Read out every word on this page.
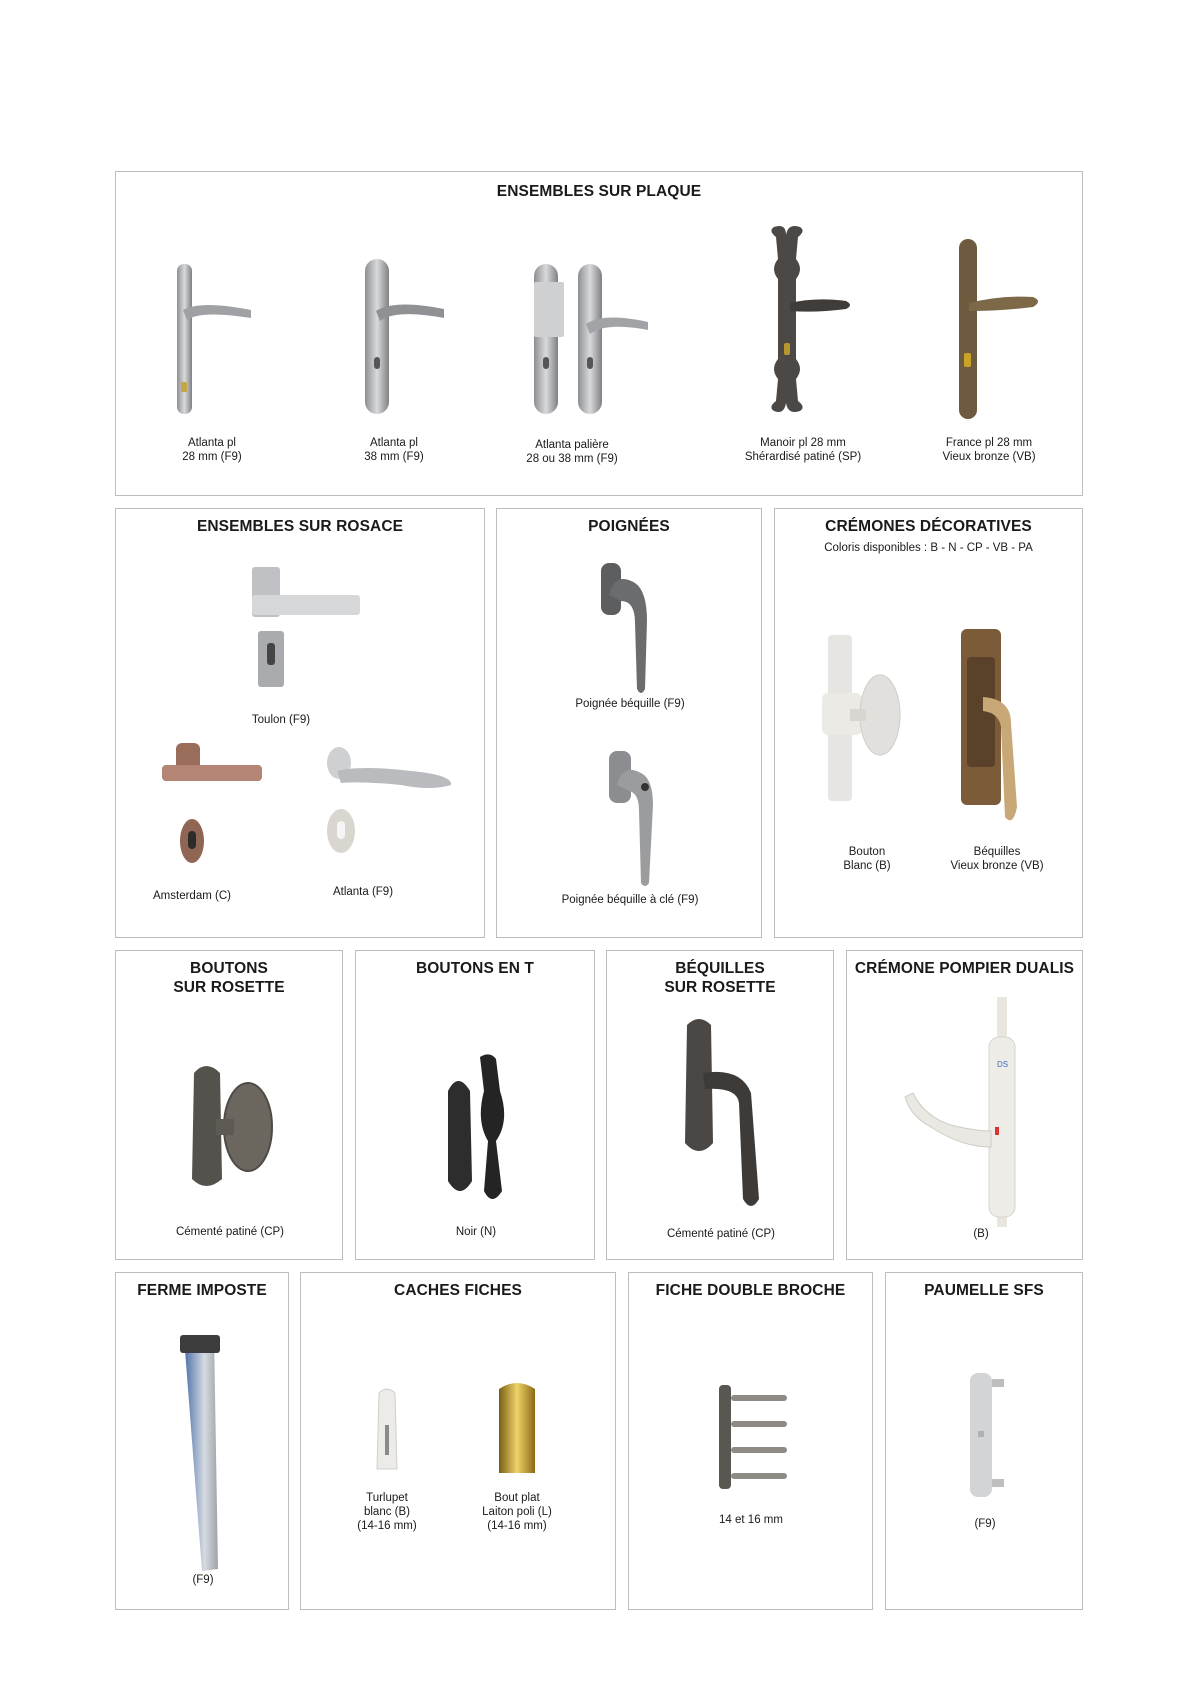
ENSEMBLES SUR PLAQUE
Atlanta pl
28 mm (F9)
Atlanta pl
38 mm (F9)
Atlanta palière
28 ou 38 mm (F9)
Manoir pl 28 mm
Shérardisé patiné (SP)
France pl 28 mm
Vieux bronze (VB)
ENSEMBLES SUR ROSACE
Toulon (F9)
Amsterdam (C)	Atlanta (F9)
POIGNÉES
Poignée béquille (F9)
Poignée béquille à clé (F9)
CRÉMONES DÉCORATIVES
Coloris disponibles : B - N - CP - VB - PA
Bouton
Blanc (B)
Béquilles
Vieux bronze (VB)
BOUTONS
SUR ROSETTE
Cémenté patiné (CP)
BOUTONS EN T
Noir (N)
BÉQUILLES
SUR ROSETTE
Cémenté patiné (CP)
CRÉMONE POMPIER DUALIS
DS
(B)
FERME IMPOSTE
(F9)
CACHES FICHES
Turlupet
blanc (B)
(14-16 mm)
Bout plat
Laiton poli (L)
(14-16 mm)
FICHE DOUBLE BROCHE
14 et 16 mm
PAUMELLE SFS
(F9)
